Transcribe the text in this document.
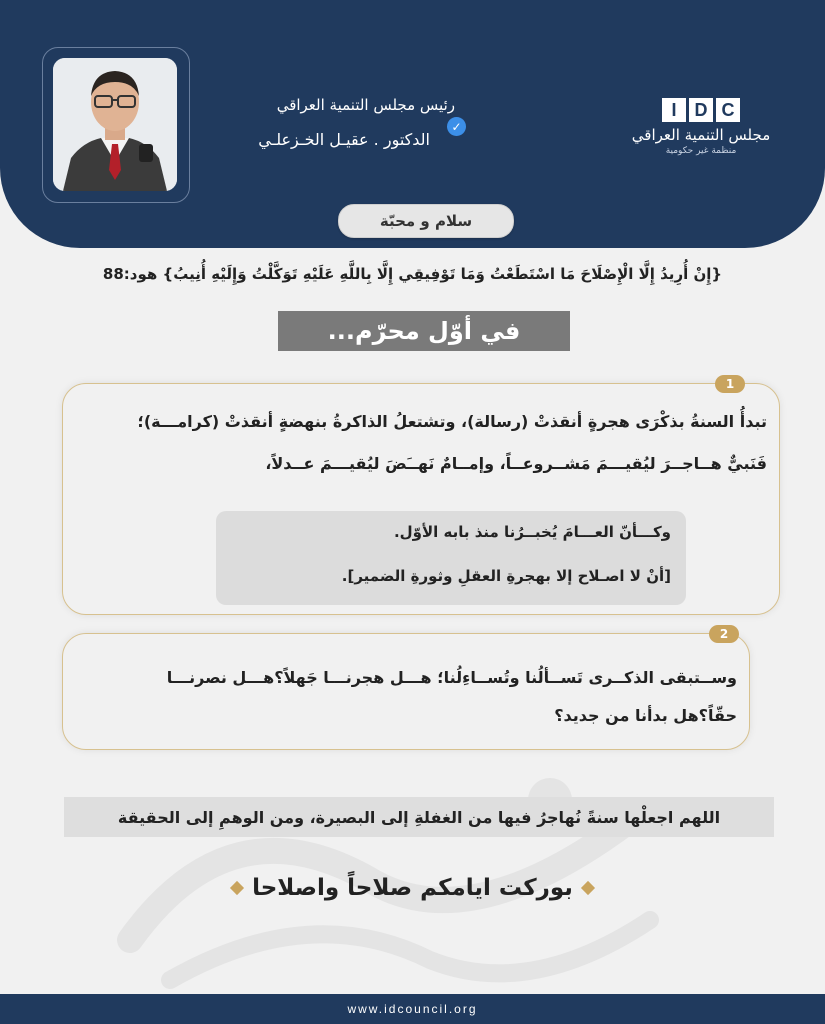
I	D C
مجلس التنمية العراقي
منظمة غير حكومية
رئيس مجلس التنمية العراقي
✓
الدكتور . عقيـل الخـزعلـي
سلام و محبّة
{إِنْ أُرِيدُ إِلَّا الْإِصْلَاحَ مَا اسْتَطَعْتُ وَمَا تَوْفِيقِي إِلَّا بِاللَّهِ عَلَيْهِ تَوَكَّلْتُ وَإِلَيْهِ أُنِيبُ} هود:88
في أوّل محرّم...
1
تبدأُ السنةُ بذكْرَى هجرةٍ أنقذتْ (رسالة)، وتشتعلُ الذاكرةُ بنهضةٍ أنقذتْ (كرامـــة)؛
فَنَبيٌّ هــاجــرَ ليُقيـــمَ مَشــروعــاً، وإمــامٌ نَهــَضَ ليُقيـــمَ عــدلاً،
وكـــأنّ العـــامَ يُخبــرُنا منذ بابه الأوّل.
[أنْ لا اصـلاح إلا بهجرةِ العقلِ وثورةِ الضمير].
2
وســتبقى الذكــرى تَســألُنا وتُســاءِلُنا؛ هـــل هجرنـــا جَهلاً؟هـــل نصرنـــا
حقّاً؟هل بدأنا من جديد؟
اللهم اجعلْها سنةً نُهاجرُ فيها من الغفلةِ إلى البصيرة، ومن الوهمِ إلى الحقيقة
بوركت ايامكم صلاحاً واصلاحا
www.idcouncil.org
